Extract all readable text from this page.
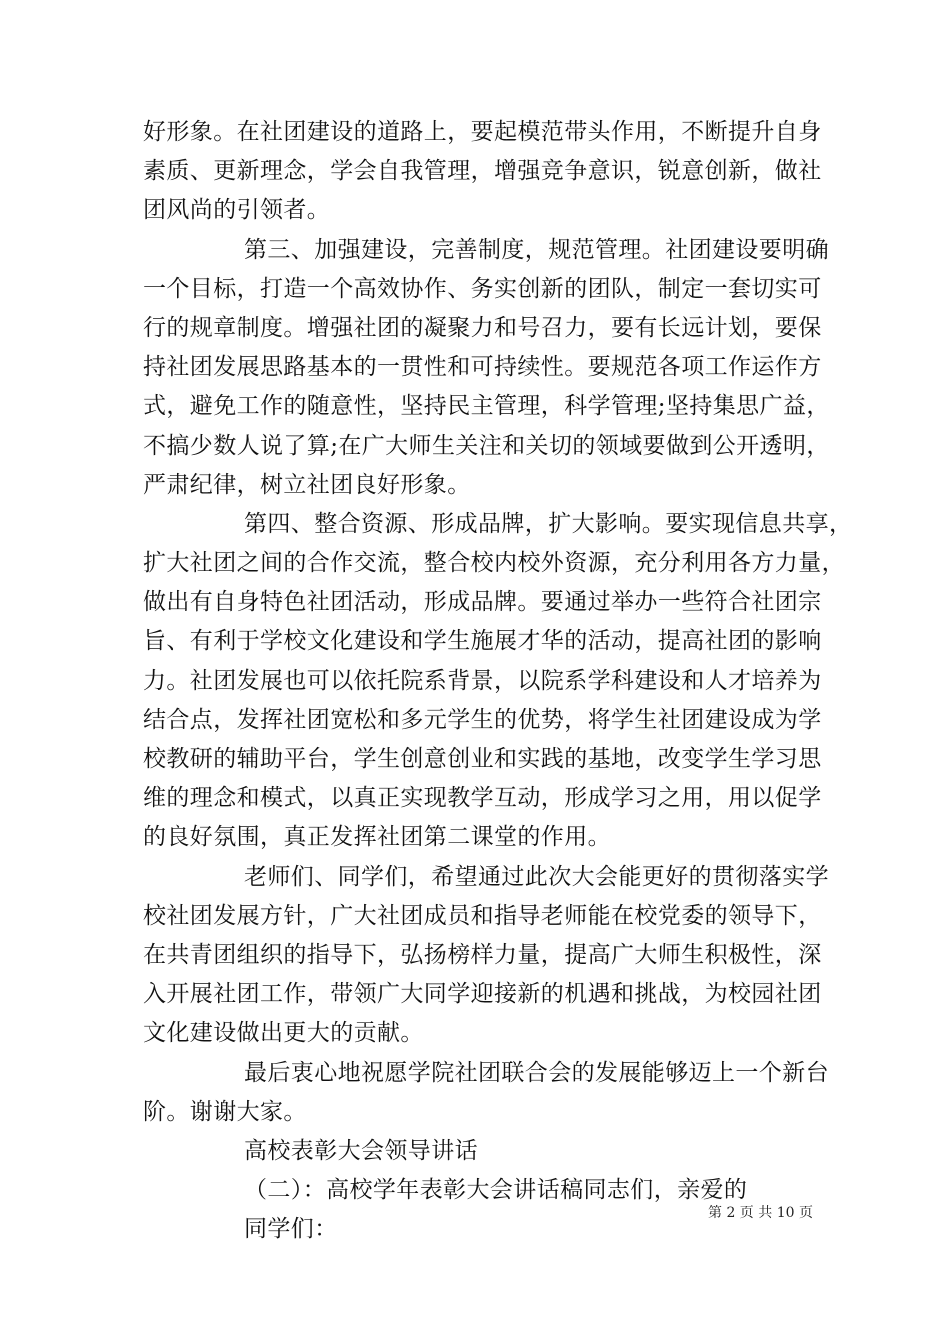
好形象。在社团建设的道路上，要起模范带头作用，不断提升自身
素质、更新理念，学会自我管理，增强竞争意识，锐意创新，做社
团风尚的引领者。
第三、加强建设，完善制度，规范管理。社团建设要明确
一个目标，打造一个高效协作、务实创新的团队，制定一套切实可
行的规章制度。增强社团的凝聚力和号召力，要有长远计划，要保
持社团发展思路基本的一贯性和可持续性。要规范各项工作运作方
式，避免工作的随意性，坚持民主管理，科学管理;坚持集思广益，
不搞少数人说了算;在广大师生关注和关切的领域要做到公开透明，
严肃纪律，树立社团良好形象。
第四、整合资源、形成品牌，扩大影响。要实现信息共享，
扩大社团之间的合作交流，整合校内校外资源，充分利用各方力量，
做出有自身特色社团活动，形成品牌。要通过举办一些符合社团宗
旨、有利于学校文化建设和学生施展才华的活动，提高社团的影响
力。社团发展也可以依托院系背景，以院系学科建设和人才培养为
结合点，发挥社团宽松和多元学生的优势，将学生社团建设成为学
校教研的辅助平台，学生创意创业和实践的基地，改变学生学习思
维的理念和模式，以真正实现教学互动，形成学习之用，用以促学
的良好氛围，真正发挥社团第二课堂的作用。
老师们、同学们，希望通过此次大会能更好的贯彻落实学
校社团发展方针，广大社团成员和指导老师能在校党委的领导下，
在共青团组织的指导下，弘扬榜样力量，提高广大师生积极性，深
入开展社团工作，带领广大同学迎接新的机遇和挑战，为校园社团
文化建设做出更大的贡献。
最后衷心地祝愿学院社团联合会的发展能够迈上一个新台
阶。谢谢大家。
高校表彰大会领导讲话
（二）：高校学年表彰大会讲话稿同志们，亲爱的
同学们：
第 2 页 共 10 页
